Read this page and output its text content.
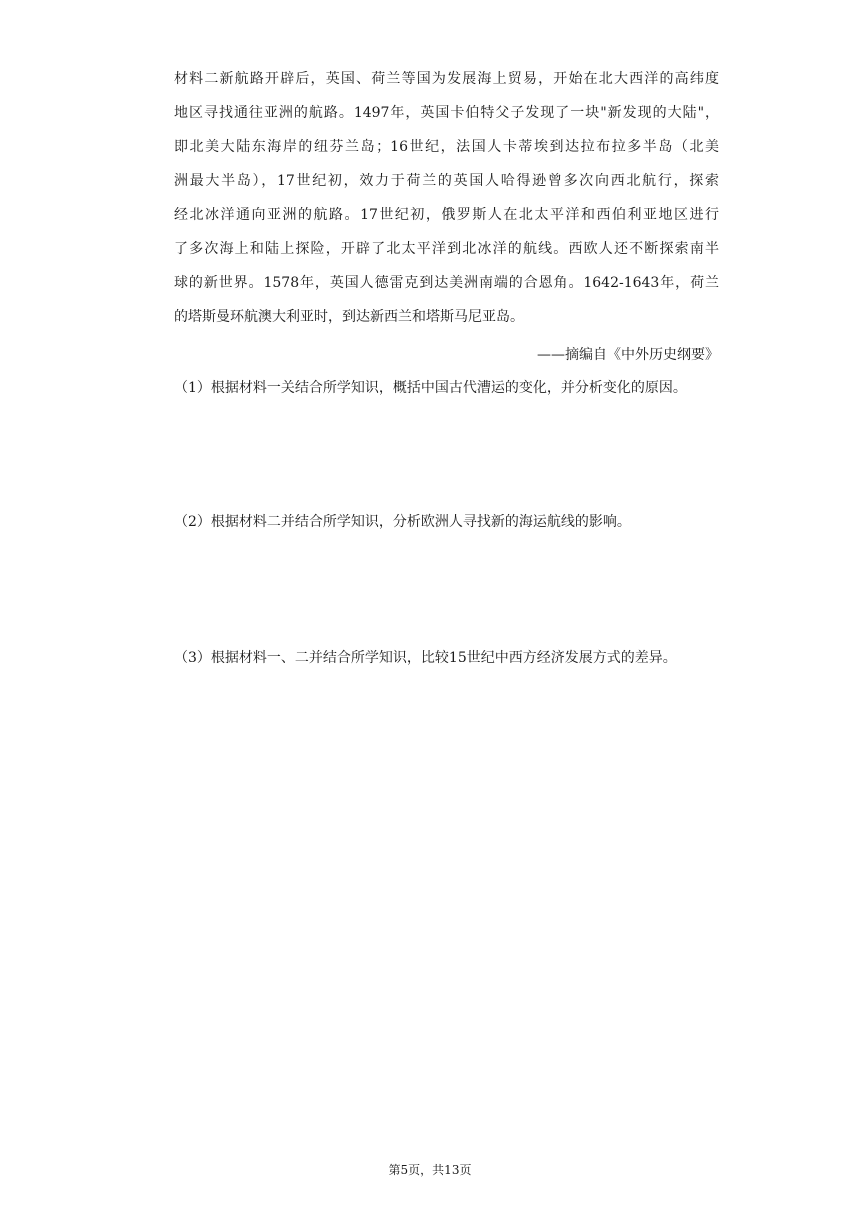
材料二新航路开辟后，英国、荷兰等国为发展海上贸易，开始在北大西洋的高纬度
地区寻找通往亚洲的航路。1497年，英国卡伯特父子发现了一块"新发现的大陆"，
即北美大陆东海岸的纽芬兰岛；16世纪，法国人卡蒂埃到达拉布拉多半岛（北美
洲最大半岛），17世纪初，效力于荷兰的英国人哈得逊曾多次向西北航行，探索
经北冰洋通向亚洲的航路。17世纪初，俄罗斯人在北太平洋和西伯利亚地区进行
了多次海上和陆上探险，开辟了北太平洋到北冰洋的航线。西欧人还不断探索南半
球的新世界。1578年，英国人德雷克到达美洲南端的合恩角。1642-1643年，荷兰
的塔斯曼环航澳大利亚时，到达新西兰和塔斯马尼亚岛。
——摘编自《中外历史纲要》
（1）根据材料一关结合所学知识，概括中国古代漕运的变化，并分析变化的原因。
（2）根据材料二并结合所学知识，分析欧洲人寻找新的海运航线的影响。
（3）根据材料一、二并结合所学知识，比较15世纪中西方经济发展方式的差异。
第5页，共13页
